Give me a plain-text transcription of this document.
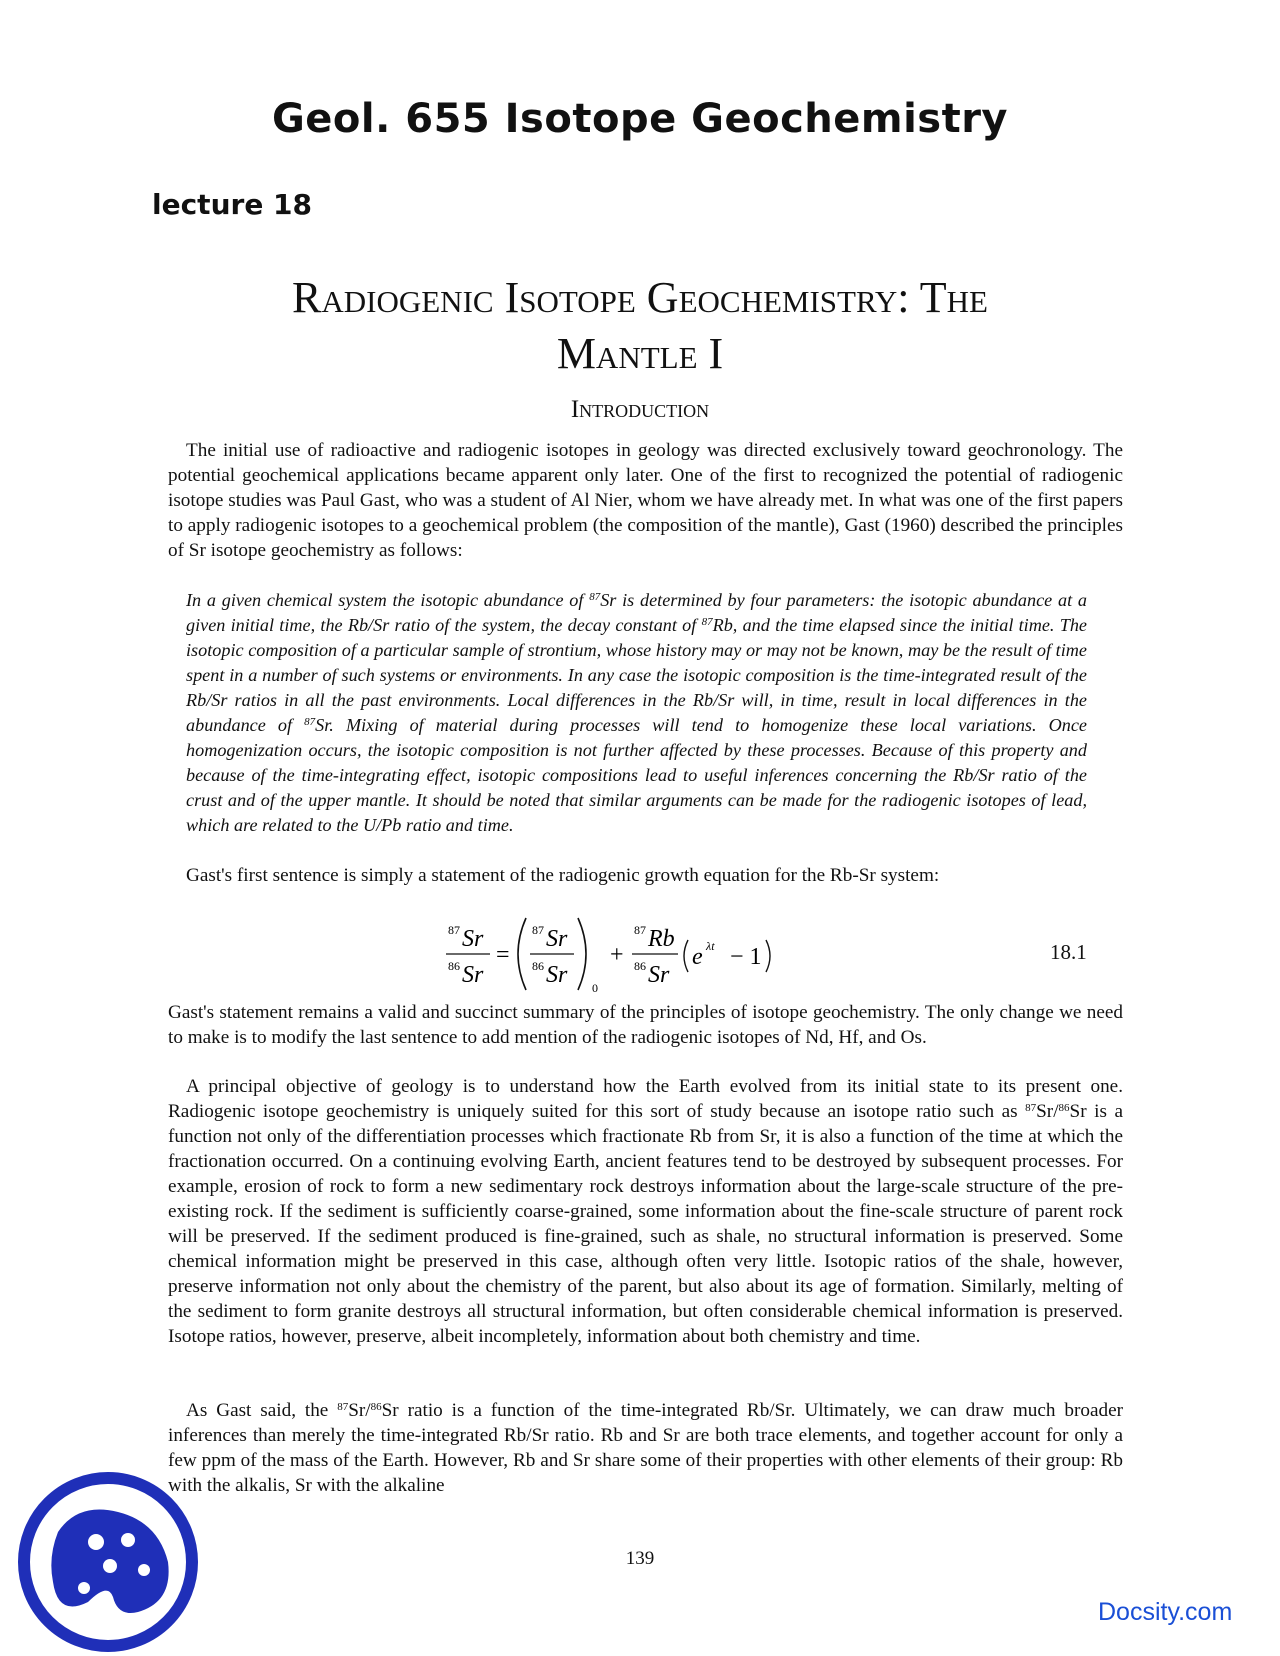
Geol. 655 Isotope Geochemistry
lecture 18
Radiogenic Isotope Geochemistry: The
Mantle I
Introduction

The initial use of radioactive and radiogenic isotopes in geology was directed exclusively toward geochronology. The potential geochemical applications became apparent only later. One of the first to recognized the potential of radiogenic isotope studies was Paul Gast, who was a student of Al Nier, whom we have already met. In what was one of the first papers to apply radiogenic isotopes to a geochemical problem (the composition of the mantle), Gast (1960) described the principles of Sr isotope geochemistry as follows:

In a given chemical system the isotopic abundance of $^{87}$Sr is determined by four parameters: the isotopic abundance at a given initial time, the Rb/Sr ratio of the system, the decay constant of $^{87}$Rb, and the time elapsed since the initial time. The isotopic composition of a particular sample of strontium, whose history may or may not be known, may be the result of time spent in a number of such systems or environments. In any case the isotopic composition is the time-integrated result of the Rb/Sr ratios in all the past environments. Local differences in the Rb/Sr will, in time, result in local differences in the abundance of $^{87}$Sr. Mixing of material during processes will tend to homogenize these local variations. Once homogenization occurs, the isotopic composition is not further affected by these processes. Because of this property and because of the time-integrating effect, isotopic compositions lead to useful inferences concerning the Rb/Sr ratio of the crust and of the upper mantle. It should be noted that similar arguments can be made for the radiogenic isotopes of lead, which are related to the U/Pb ratio and time.

Gast's first sentence is simply a statement of the radiogenic growth equation for the Rb-Sr system:

87 Sr
86 Sr
=
87 Sr
86 Sr 0
+
87 Rb
86 Sr
e λt − 1	18.1

Gast's statement remains a valid and succinct summary of the principles of isotope geochemistry. The only change we need to make is to modify the last sentence to add mention of the radiogenic isotopes of Nd, Hf, and Os.

A principal objective of geology is to understand how the Earth evolved from its initial state to its present one. Radiogenic isotope geochemistry is uniquely suited for this sort of study because an isotope ratio such as $^{87}$Sr/$^{86}$Sr is a function not only of the differentiation processes which fractionate Rb from Sr, it is also a function of the time at which the fractionation occurred. On a continuing evolving Earth, ancient features tend to be destroyed by subsequent processes. For example, erosion of rock to form a new sedimentary rock destroys information about the large-scale structure of the pre-existing rock. If the sediment is sufficiently coarse-grained, some information about the fine-scale structure of parent rock will be preserved. If the sediment produced is fine-grained, such as shale, no structural information is preserved. Some chemical information might be preserved in this case, although often very little. Isotopic ratios of the shale, however, preserve information not only about the chemistry of the parent, but also about its age of formation. Similarly, melting of the sediment to form granite destroys all structural information, but often considerable chemical information is preserved. Isotope ratios, however, preserve, albeit incompletely, information about both chemistry and time.

As Gast said, the $^{87}$Sr/$^{86}$Sr ratio is a function of the time-integrated Rb/Sr. Ultimately, we can draw much broader inferences than merely the time-integrated Rb/Sr ratio. Rb and Sr are both trace elements, and together account for only a few ppm of the mass of the Earth. However, Rb and Sr share some of their properties with other elements of their group: Rb with the alkalis, Sr with the alkaline

139
Docsity.com
